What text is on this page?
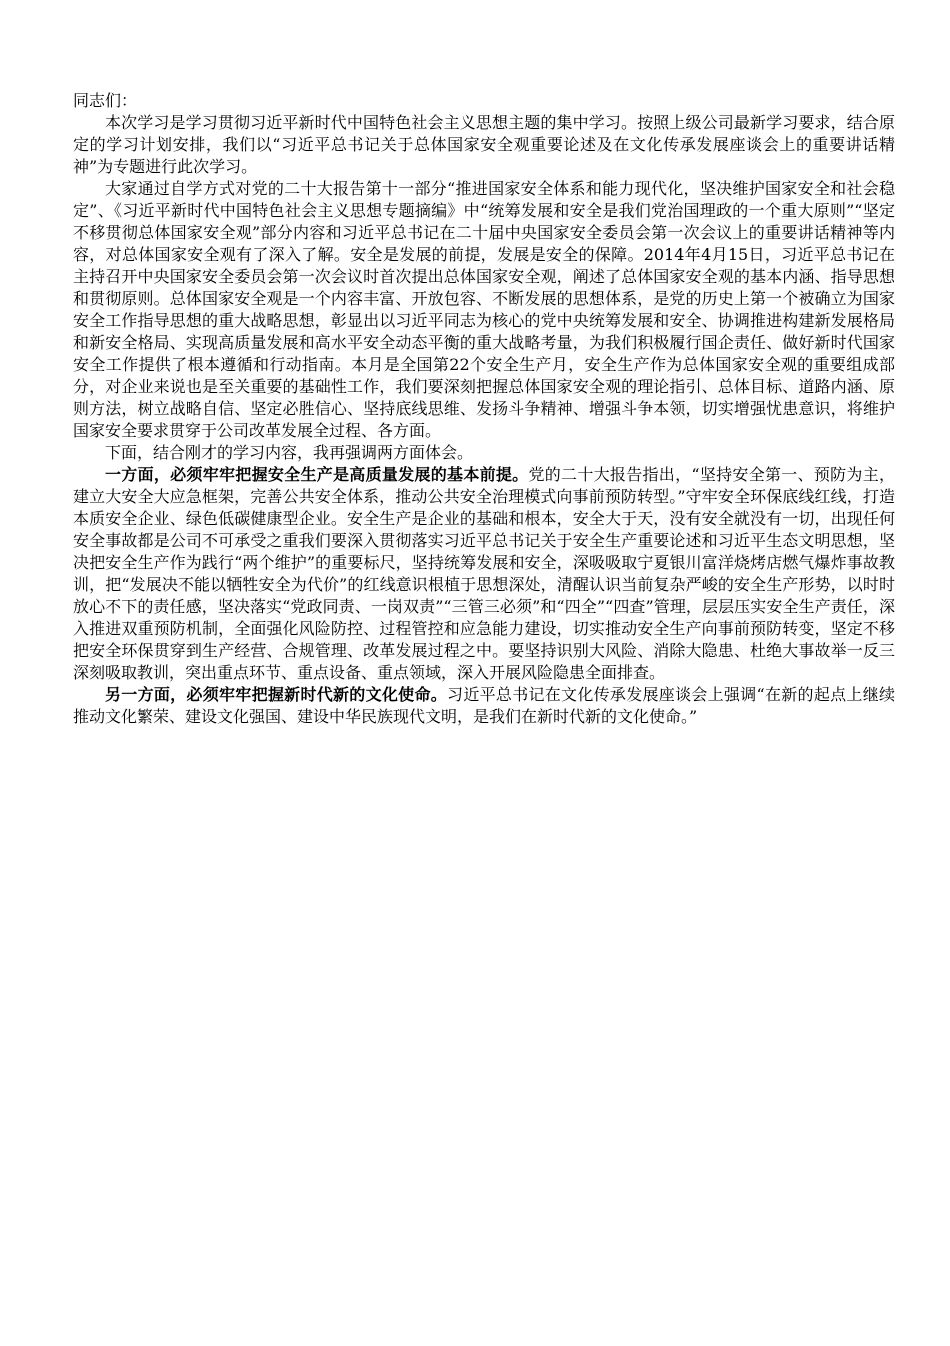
同志们：

本次学习是学习贯彻习近平新时代中国特色社会主义思想主题的集中学习。按照上级公司最新学习要求，结合原定的学习计划安排，我们以“习近平总书记关于总体国家安全观重要论述及在文化传承发展座谈会上的重要讲话精神”为专题进行此次学习。

大家通过自学方式对党的二十大报告第十一部分“推进国家安全体系和能力现代化，坚决维护国家安全和社会稳定”、《习近平新时代中国特色社会主义思想专题摘编》中“统筹发展和安全是我们党治国理政的一个重大原则”“坚定不移贯彻总体国家安全观”部分内容和习近平总书记在二十届中央国家安全委员会第一次会议上的重要讲话精神等内容，对总体国家安全观有了深入了解。安全是发展的前提，发展是安全的保障。2014年4月15日，习近平总书记在主持召开中央国家安全委员会第一次会议时首次提出总体国家安全观，阐述了总体国家安全观的基本内涵、指导思想和贯彻原则。总体国家安全观是一个内容丰富、开放包容、不断发展的思想体系，是党的历史上第一个被确立为国家安全工作指导思想的重大战略思想，彰显出以习近平同志为核心的党中央统筹发展和安全、协调推进构建新发展格局和新安全格局、实现高质量发展和高水平安全动态平衡的重大战略考量，为我们积极履行国企责任、做好新时代国家安全工作提供了根本遵循和行动指南。本月是全国第22个安全生产月，安全生产作为总体国家安全观的重要组成部分，对企业来说也是至关重要的基础性工作，我们要深刻把握总体国家安全观的理论指引、总体目标、道路内涵、原则方法，树立战略自信、坚定必胜信心、坚持底线思维、发扬斗争精神、增强斗争本领，切实增强忧患意识，将维护国家安全要求贯穿于公司改革发展全过程、各方面。

下面，结合刚才的学习内容，我再强调两方面体会。

一方面，必须牢牢把握安全生产是高质量发展的基本前提。党的二十大报告指出，“坚持安全第一、预防为主，建立大安全大应急框架，完善公共安全体系，推动公共安全治理模式向事前预防转型。”守牢安全环保底线红线，打造本质安全企业、绿色低碳健康型企业。安全生产是企业的基础和根本，安全大于天，没有安全就没有一切，出现任何安全事故都是公司不可承受之重我们要深入贯彻落实习近平总书记关于安全生产重要论述和习近平生态文明思想，坚决把安全生产作为践行“两个维护”的重要标尺，坚持统筹发展和安全，深吸吸取宁夏银川富洋烧烤店燃气爆炸事故教训，把“发展决不能以牺牲安全为代价”的红线意识根植于思想深处，清醒认识当前复杂严峻的安全生产形势，以时时放心不下的责任感，坚决落实“党政同责、一岗双责”“三管三必须”和“四全”“四查”管理，层层压实安全生产责任，深入推进双重预防机制，全面强化风险防控、过程管控和应急能力建设，切实推动安全生产向事前预防转变，坚定不移把安全环保贯穿到生产经营、合规管理、改革发展过程之中。要坚持识别大风险、消除大隐患、杜绝大事故举一反三深刻吸取教训，突出重点环节、重点设备、重点领域，深入开展风险隐患全面排查。

另一方面，必须牢牢把握新时代新的文化使命。习近平总书记在文化传承发展座谈会上强调“在新的起点上继续推动文化繁荣、建设文化强国、建设中华民族现代文明，是我们在新时代新的文化使命。”
